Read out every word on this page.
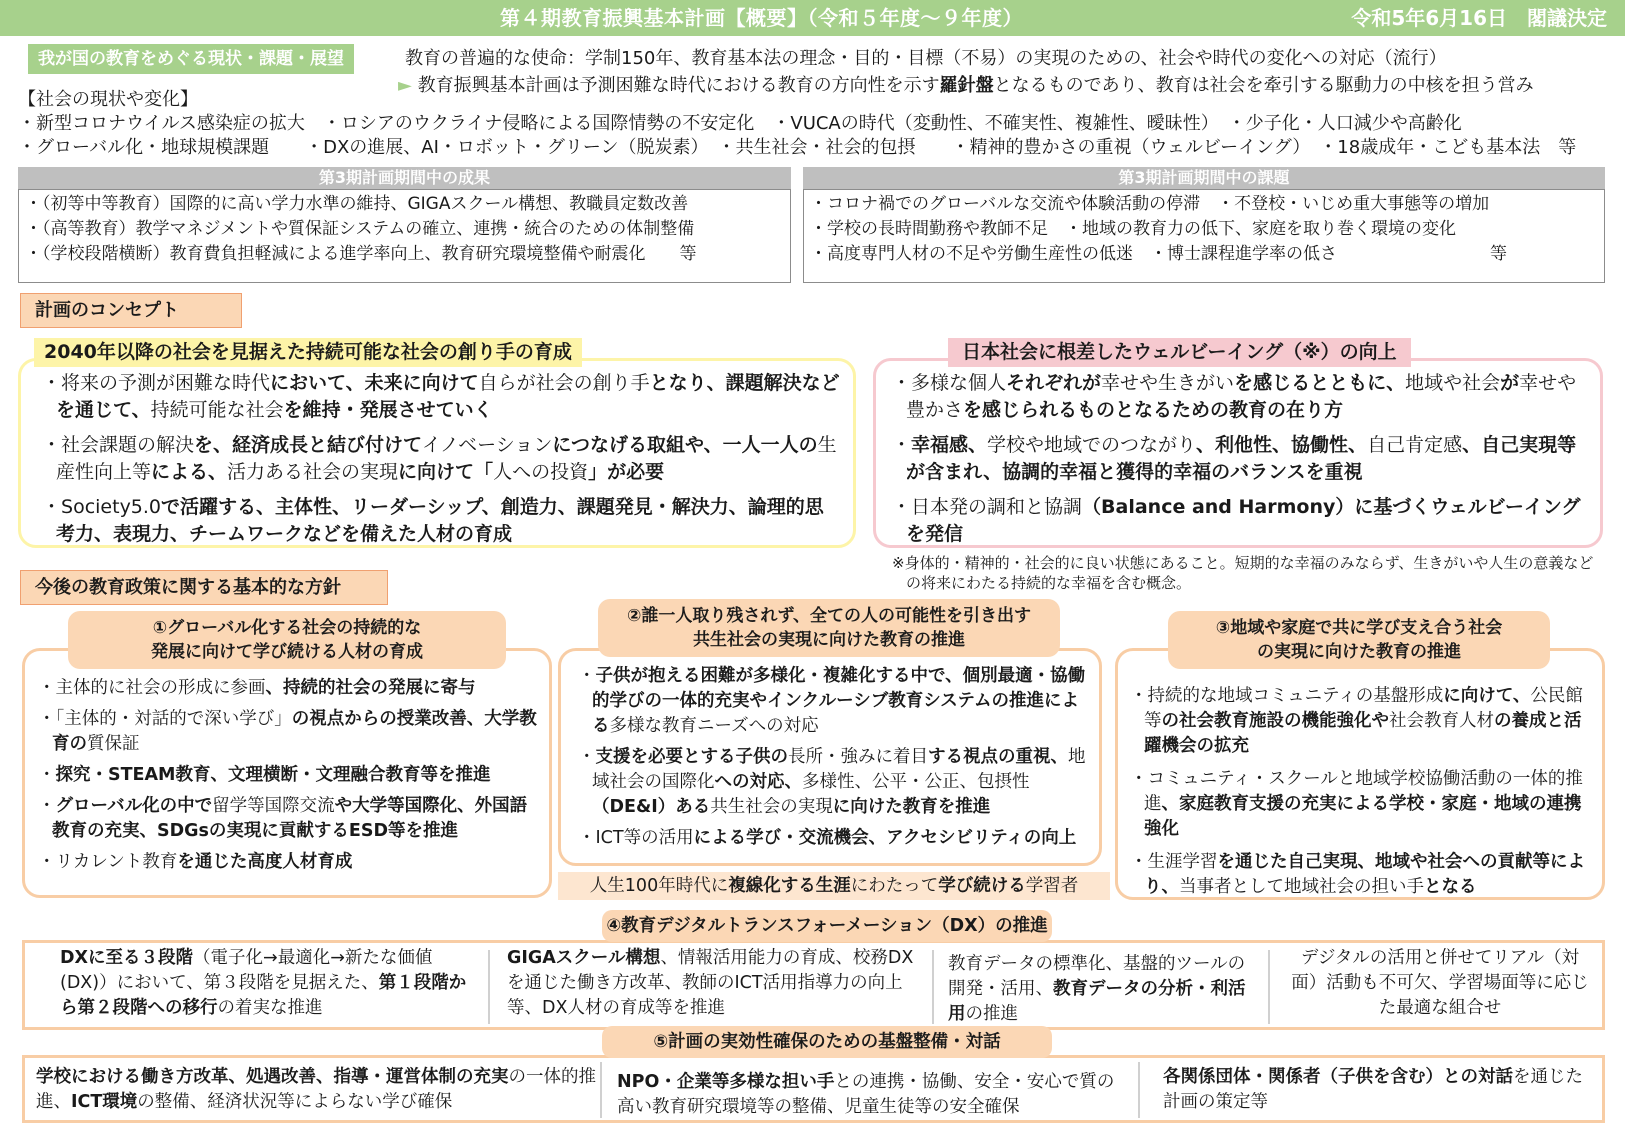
第４期教育振興基本計画【概要】（令和５年度～９年度）	令和5年6月16日　閣議決定
我が国の教育をめぐる現状・課題・展望	教育の普遍的な使命：学制150年、教育基本法の理念・目的・目標（不易）の実現のための、社会や時代の変化への対応（流行）
► 教育振興基本計画は予測困難な時代における教育の方向性を示す羅針盤となるものであり、教育は社会を牽引する駆動力の中核を担う営み
【社会の現状や変化】
・新型コロナウイルス感染症の拡大　・ロシアのウクライナ侵略による国際情勢の不安定化　・VUCAの時代（変動性、不確実性、複雑性、曖昧性）　・少子化・人口減少や高齢化
・グローバル化・地球規模課題　　・DXの進展、AI・ロボット・グリーン（脱炭素）　・共生社会・社会的包摂　　・精神的豊かさの重視（ウェルビーイング）　・18歳成年・こども基本法　等
第3期計画期間中の成果
・（初等中等教育）国際的に高い学力水準の維持、GIGAスクール構想、教職員定数改善
・（高等教育）教学マネジメントや質保証システムの確立、連携・統合のための体制整備
・（学校段階横断）教育費負担軽減による進学率向上、教育研究環境整備や耐震化　　等
第3期計画期間中の課題
・コロナ禍でのグローバルな交流や体験活動の停滞　・不登校・いじめ重大事態等の増加
・学校の長時間勤務や教師不足　・地域の教育力の低下、家庭を取り巻く環境の変化
・高度専門人材の不足や労働生産性の低迷　・博士課程進学率の低さ　　　　　　　　　等
計画のコンセプト
2040年以降の社会を見据えた持続可能な社会の創り手の育成
・将来の予測が困難な時代において、未来に向けて自らが社会の創り手となり、課題解決などを通じて、持続可能な社会を維持・発展させていく
・社会課題の解決を、経済成長と結び付けてイノベーションにつなげる取組や、一人一人の生産性向上等による、活力ある社会の実現に向けて「人への投資」が必要
・Society5.0で活躍する、主体性、リーダーシップ、創造力、課題発見・解決力、論理的思考力、表現力、チームワークなどを備えた人材の育成
日本社会に根差したウェルビーイング（※）の向上
・多様な個人それぞれが幸せや生きがいを感じるとともに、地域や社会が幸せや豊かさを感じられるものとなるための教育の在り方
・幸福感、学校や地域でのつながり、利他性、協働性、自己肯定感、自己実現等が含まれ、協調的幸福と獲得的幸福のバランスを重視
・日本発の調和と協調（Balance and Harmony）に基づくウェルビーイングを発信
※身体的・精神的・社会的に良い状態にあること。短期的な幸福のみならず、生きがいや人生の意義などの将来にわたる持続的な幸福を含む概念。
今後の教育政策に関する基本的な方針
①グローバル化する社会の持続的な
発展に向けて学び続ける人材の育成
・主体的に社会の形成に参画、持続的社会の発展に寄与
・「主体的・対話的で深い学び」の視点からの授業改善、大学教育の質保証
・探究・STEAM教育、文理横断・文理融合教育等を推進
・グローバル化の中で留学等国際交流や大学等国際化、外国語教育の充実、SDGsの実現に貢献するESD等を推進
・リカレント教育を通じた高度人材育成
②誰一人取り残されず、全ての人の可能性を引き出す
共生社会の実現に向けた教育の推進
・子供が抱える困難が多様化・複雑化する中で、個別最適・協働的学びの一体的充実やインクルーシブ教育システムの推進による多様な教育ニーズへの対応
・支援を必要とする子供の長所・強みに着目する視点の重視、地域社会の国際化への対応、多様性、公平・公正、包摂性（DE&I）ある共生社会の実現に向けた教育を推進
・ICT等の活用による学び・交流機会、アクセシビリティの向上
人生100年時代に複線化する生涯にわたって学び続ける学習者
③地域や家庭で共に学び支え合う社会
の実現に向けた教育の推進
・持続的な地域コミュニティの基盤形成に向けて、公民館等の社会教育施設の機能強化や社会教育人材の養成と活躍機会の拡充
・コミュニティ・スクールと地域学校協働活動の一体的推進、家庭教育支援の充実による学校・家庭・地域の連携強化
・生涯学習を通じた自己実現、地域や社会への貢献等により、当事者として地域社会の担い手となる
④教育デジタルトランスフォーメーション（DX）の推進
DXに至る３段階（電子化→最適化→新たな価値(DX)）において、第３段階を見据えた、第１段階から第２段階への移行の着実な推進
GIGAスクール構想、情報活用能力の育成、校務DXを通じた働き方改革、教師のICT活用指導力の向上等、DX人材の育成等を推進
教育データの標準化、基盤的ツールの開発・活用、教育データの分析・利活用の推進
デジタルの活用と併せてリアル（対面）活動も不可欠、学習場面等に応じた最適な組合せ
⑤計画の実効性確保のための基盤整備・対話
学校における働き方改革、処遇改善、指導・運営体制の充実の一体的推進、ICT環境の整備、経済状況等によらない学び確保
NPO・企業等多様な担い手との連携・協働、安全・安心で質の高い教育研究環境等の整備、児童生徒等の安全確保
各関係団体・関係者（子供を含む）との対話を通じた計画の策定等
